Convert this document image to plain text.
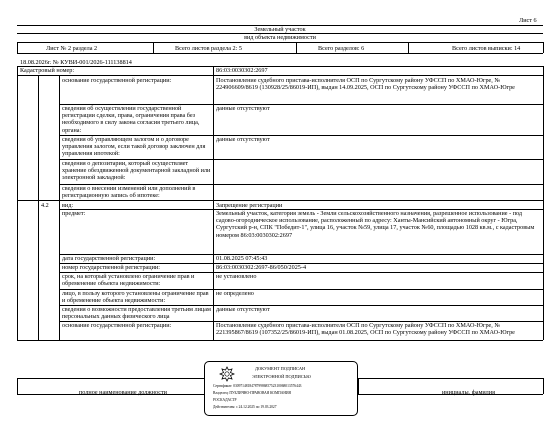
Лист 6
Земельный участок
вид объекта недвижимости
Лист № 2 раздела 2	Всего листов раздела 2: 5	Всего разделов: 6	Всего листов выписки: 14
18.08.2026г. № КУВИ-001/2026-111138814
Кадастровый номер:	86:03:0030302:2697
основание государственной регистрации:	Постановление судебного пристава-исполнителя ОСП по Сургутскому району УФССП по ХМАО-Югре, № 224906609/8619 (130928/25/86019-ИП), выдан 14.09.2025, ОСП по Сургутскому району УФССП по ХМАО-Югре
сведения об осуществлении государственной регистрации сделки, права, ограничения права без необходимого в силу закона согласия третьего лица, органа:
данные отсутствуют
сведения об управляющем залогом и о договоре управления залогом, если такой договор заключен для управления ипотекой:
данные отсутствуют
сведения о депозитарии, который осуществляет хранение обездвиженной документарной закладной или электронной закладной:
сведения о внесении изменений или дополнений в регистрационную запись об ипотеке:
4.2 вид:	Запрещение регистрации
предмет:	Земельный участок, категория земель - Земли сельскохозяйственного назначения, разрешенное использование - под садово-огородническое использование, расположенный по адресу: Ханты-Мансийский автономный округ - Югра, Сургутский р-н, СПК "Победит-1", улица 16, участок №59, улица 17, участок №60, площадью 1028 кв.м., с кадастровым номером 86:03:0030302:2697
дата государственной регистрации:	01.08.2025 07:45:43
номер государственной регистрации:	86:03:0030302:2697-86/050/2025-4
срок, на который установлено ограничение прав и обременение объекта недвижимости:
не установлено
лицо, в пользу которого установлены ограничение прав и обременение объекта недвижимости:
не определено
сведения о возможности предоставления третьим лицам персональных данных физического лица
данные отсутствуют
основание государственной регистрации:	Постановление судебного пристава-исполнителя ОСП по Сургутскому району УФССП по ХМАО-Югре, № 221395867/8619 (107352/25/86019-ИП), выдан 01.08.2025, ОСП по Сургутскому району УФССП по ХМАО-Югре
полное наименование должности	инициалы, фамилия
ДОКУМЕНТ ПОДПИСАН
ЭЛЕКТРОННОЙ ПОДПИСЬЮ
Сертификат: 03097148184787998685752310068013576443
Владелец: ПУБЛИЧНО-ПРАВОВАЯ КОМПАНИЯ
РОСКАДАСТР
Действителен: с 24.12.2025 по 19.03.2027
